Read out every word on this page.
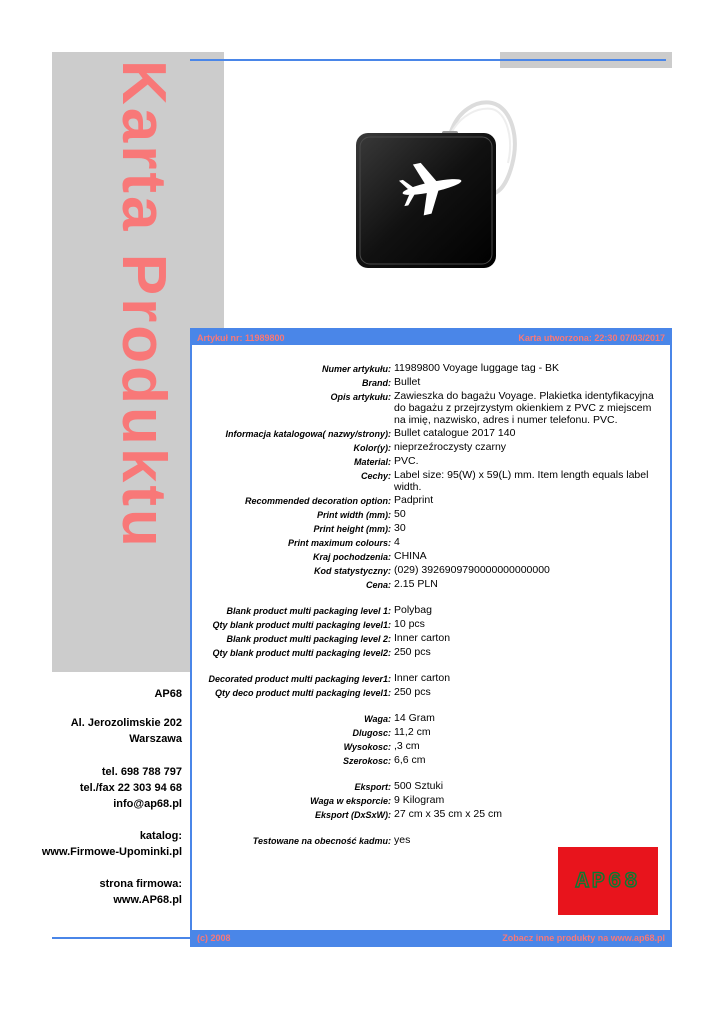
Karta Produktu Artykuł nr: 11989800	Karta utworzona: 22:30 07/03/2017
Numer artykułu: 11989800 Voyage luggage tag - BK
Brand: Bullet
Opis artykułu: Zawieszka do bagażu Voyage. Plakietka identyfikacyjna do bagażu z przejrzystym okienkiem z PVC z miejscem na imię, nazwisko, adres i numer telefonu. PVC.
Informacja katalogowa( nazwy/strony): Bullet catalogue 2017 140
Kolor(y): nieprzeźroczysty czarny
Material: PVC.
Cechy: Label size: 95(W) x 59(L) mm. Item length equals label width.
Recommended decoration option: Padprint
Print width (mm): 50
Print height (mm): 30
Print maximum colours: 4
Kraj pochodzenia: CHINA
Kod statystyczny: (029) 3926909790000000000000
Cena: 2.15 PLN
Blank product multi packaging level 1: Polybag
Qty blank product multi packaging level1: 10 pcs
Blank product multi packaging level 2: Inner carton
Qty blank product multi packaging level2: 250 pcs
Decorated product multi packaging lever1: Inner carton
Qty deco product multi packaging level1: 250 pcs
Waga: 14 Gram
Dlugosc: 11,2 cm
Wysokosc: ,3 cm
Szerokosc: 6,6 cm
Eksport: 500 Sztuki
Waga w eksporcie: 9 Kilogram
Eksport (DxSxW): 27 cm x 35 cm x 25 cm
Testowane na obecność kadmu: yes
(c) 2008	Zobacz inne produkty na www.ap68.pl
AP68
Al. Jerozolimskie 202
Warszawa
tel. 698 788 797
tel./fax 22 303 94 68
info@ap68.pl
katalog:
www.Firmowe-Upominki.pl
strona firmowa:
www.AP68.pl
AP68
